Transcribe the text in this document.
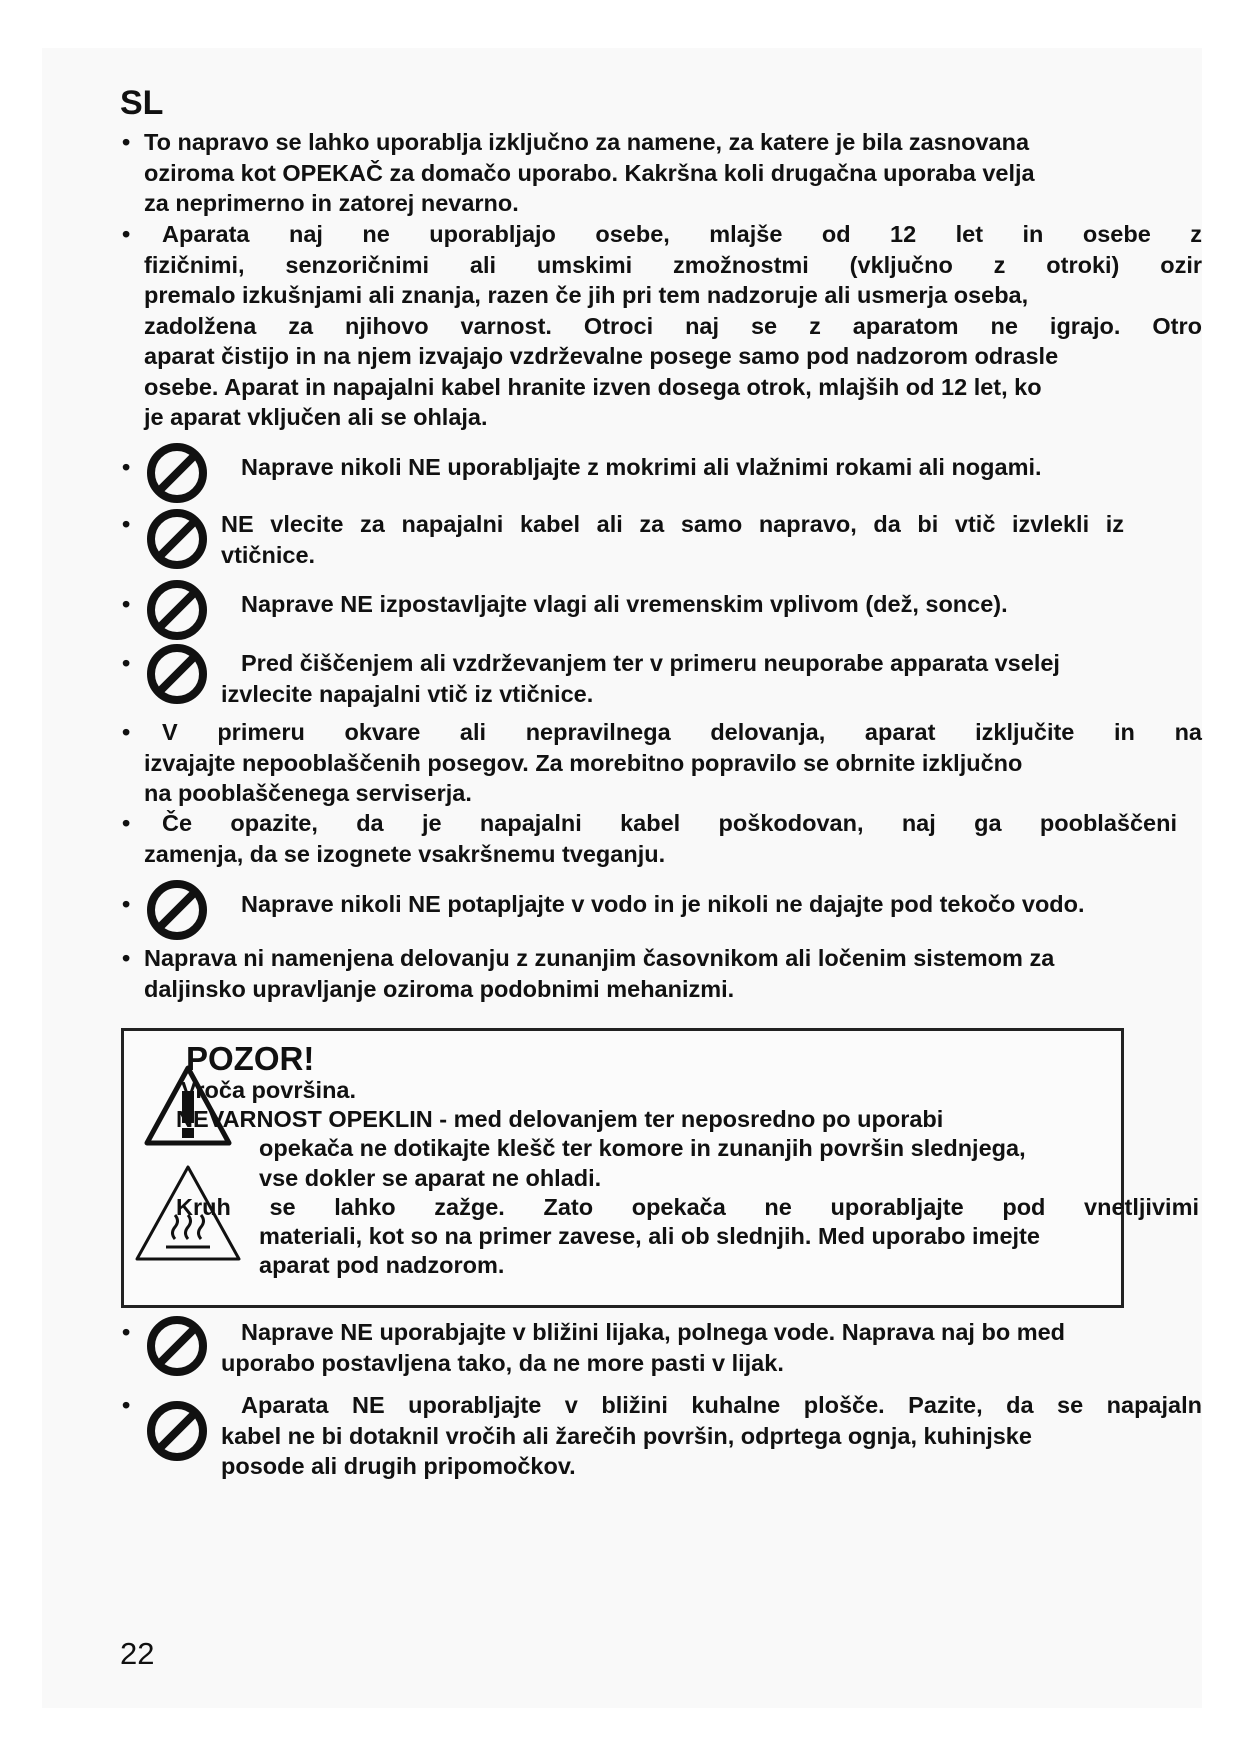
SL
• To napravo se lahko uporablja izključno za namene, za katere je bila zasnovana

oziroma kot OPEKAČ za domačo uporabo. Kakršna koli drugačna uporaba velja

za neprimerno in zatorej nevarno.

•	Aparata naj ne uporabljajo osebe, mlajše od 12 let in osebe z

fizičnimi, senzoričnimi ali umskimi zmožnostmi (vključno z otroki) ozir

premalo izkušnjami ali znanja, razen če jih pri tem nadzoruje ali usmerja oseba,

zadolžena za njihovo varnost. Otroci naj se z aparatom ne igrajo. Otro

aparat čistijo in na njem izvajajo vzdrževalne posege samo pod nadzorom odrasle

osebe. Aparat in napajalni kabel hranite izven dosega otrok, mlajših od 12 let, ko

je aparat vključen ali se ohlaja.

•	Naprave nikoli NE uporabljajte z mokrimi ali vlažnimi rokami ali nogami.

•	NE vlecite za napajalni kabel ali za samo napravo, da bi vtič izvlekli iz

vtičnice.

•	Naprave NE izpostavljajte vlagi ali vremenskim vplivom (dež, sonce).

•	Pred čiščenjem ali vzdrževanjem ter v primeru neuporabe apparata vselej

izvlecite napajalni vtič iz vtičnice.

•	V primeru okvare ali nepravilnega delovanja, aparat izključite in na

izvajajte nepooblaščenih posegov. Za morebitno popravilo se obrnite izključno

na pooblaščenega serviserja.

•	Če opazite, da je napajalni kabel poškodovan, naj ga pooblaščeni

zamenja, da se izognete vsakršnemu tveganju.

•	Naprave nikoli NE potapljajte v vodo in je nikoli ne dajajte pod tekočo vodo.

• Naprava ni namenjena delovanju z zunanjim časovnikom ali ločenim sistemom za

daljinsko upravljanje oziroma podobnimi mehanizmi.

POZOR!
Vroča površina.
NEVARNOST OPEKLIN - med delovanjem ter neposredno po uporabi
opekača ne dotikajte klešč ter komore in zunanjih površin slednjega,
vse dokler se aparat ne ohladi.
Kruh se lahko zažge. Zato opekača ne uporabljajte pod vnetljivimi
materiali, kot so na primer zavese, ali ob slednjih. Med uporabo imejte
aparat pod nadzorom.
•	Naprave NE uporabjajte v bližini lijaka, polnega vode. Naprava naj bo med

uporabo postavljena tako, da ne more pasti v lijak.

•	Aparata NE uporabljajte v bližini kuhalne plošče. Pazite, da se napajaln

kabel ne bi dotaknil vročih ali žarečih površin, odprtega ognja, kuhinjske

posode ali drugih pripomočkov.

22
